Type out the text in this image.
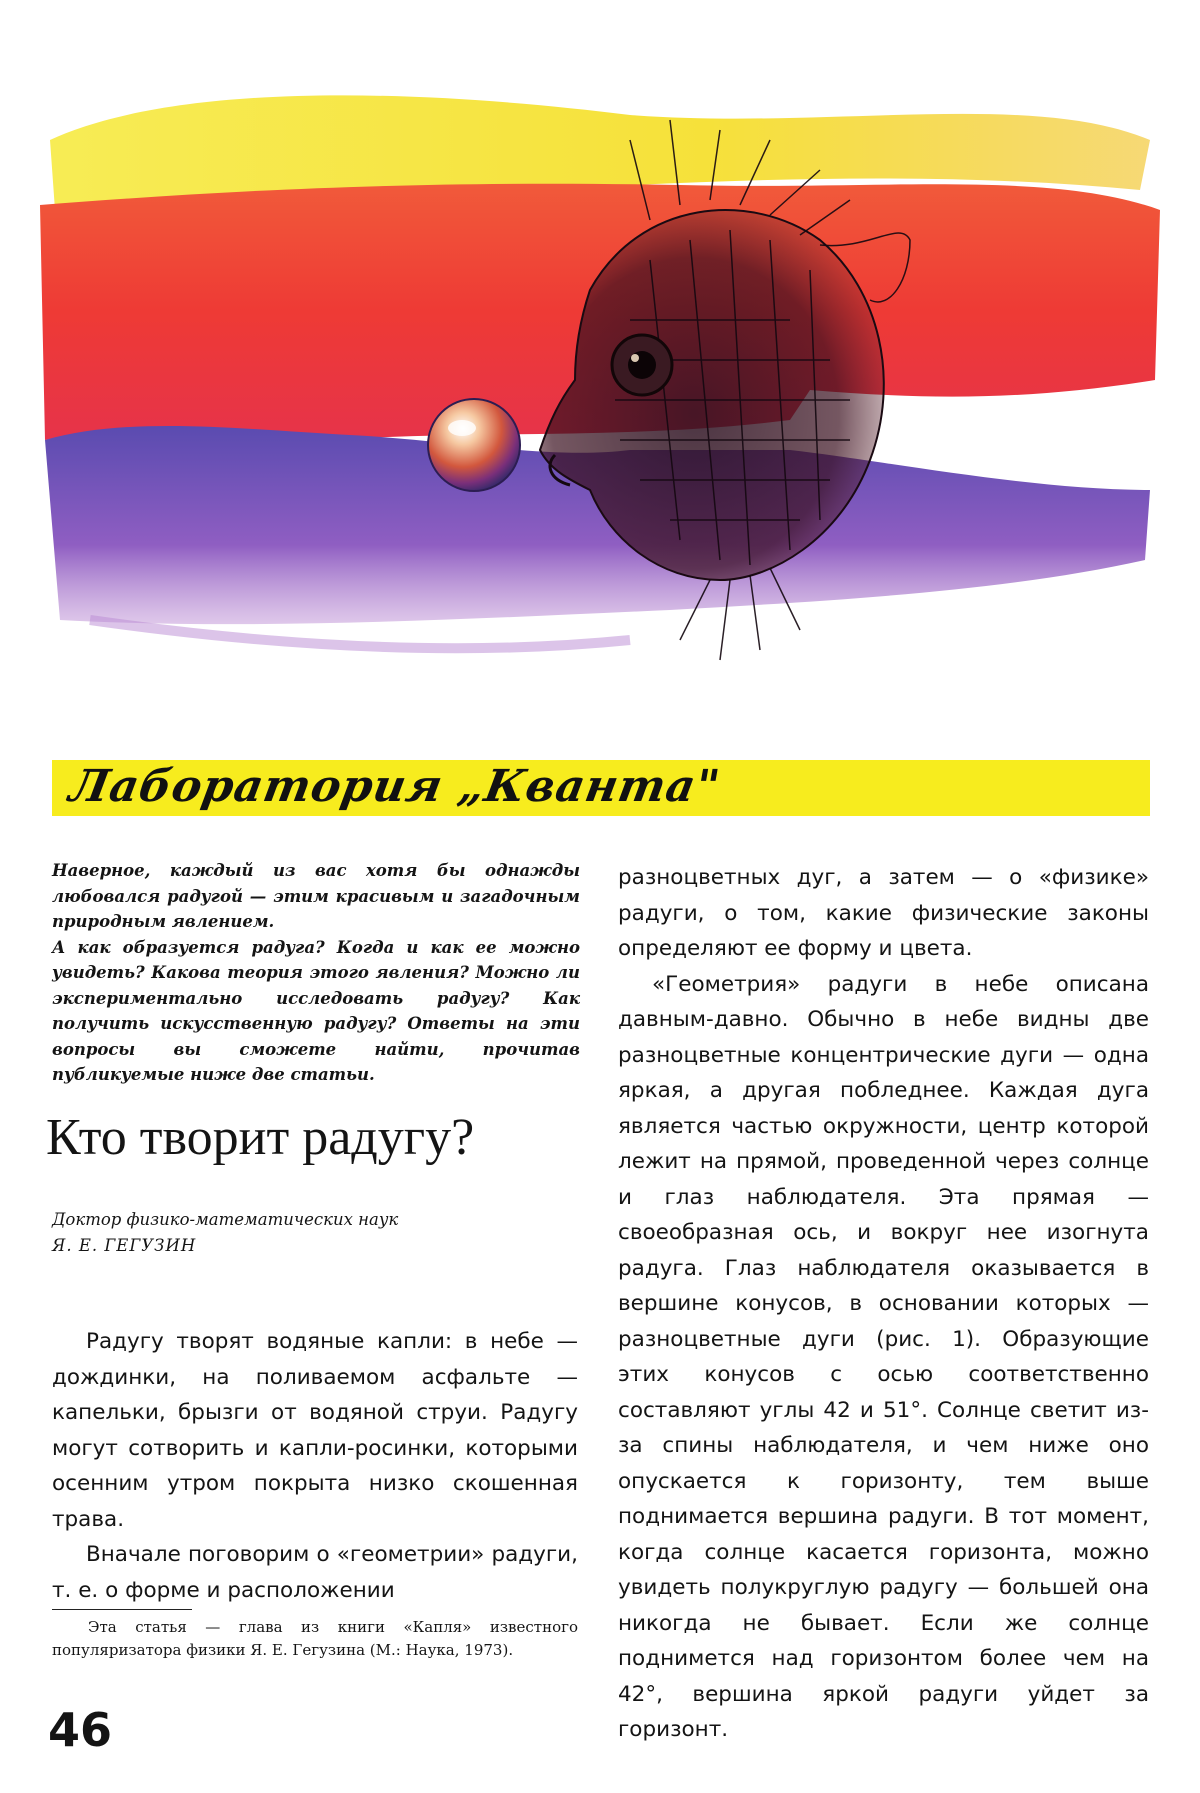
Лаборатория „Кванта"

Наверное, каждый из вас хотя бы однажды любовался радугой — этим красивым и загадочным природным явлением.

А как образуется радуга? Когда и как ее можно увидеть? Какова теория этого явления? Можно ли экспериментально исследовать радугу? Как получить искусственную радугу? Ответы на эти вопросы вы сможете найти, прочитав публикуемые ниже две статьи.

Кто творит радугу?
Доктор физико-математических наук
Я. Е. ГЕГУЗИН

Радугу творят водяные капли: в небе — дождинки, на поливаемом асфальте — капельки, брызги от водяной струи. Радугу могут сотворить и капли-росинки, которыми осенним утром покрыта низко скошенная трава.

Вначале поговорим о «геометрии» радуги, т. е. о форме и расположении

разноцветных дуг, а затем — о «физике» радуги, о том, какие физические законы определяют ее форму и цвета.

«Геометрия» радуги в небе описана давным-давно. Обычно в небе видны две разноцветные концентрические дуги — одна яркая, а другая побледнее. Каждая дуга является частью окружности, центр которой лежит на прямой, проведенной через солнце и глаз наблюдателя. Эта прямая — своеобразная ось, и вокруг нее изогнута радуга. Глаз наблюдателя оказывается в вершине конусов, в основании которых — разноцветные дуги (рис. 1). Образующие этих конусов с осью соответственно составляют углы 42 и 51°. Солнце светит из-за спины наблюдателя, и чем ниже оно опускается к горизонту, тем выше поднимается вершина радуги. В тот момент, когда солнце касается горизонта, можно увидеть полукруглую радугу — большей она никогда не бывает. Если же солнце поднимется над горизонтом более чем на 42°, вершина яркой радуги уйдет за горизонт.

Эта статья — глава из книги «Капля» известного популяризатора физики Я. Е. Гегузина (М.: Наука, 1973).

46
